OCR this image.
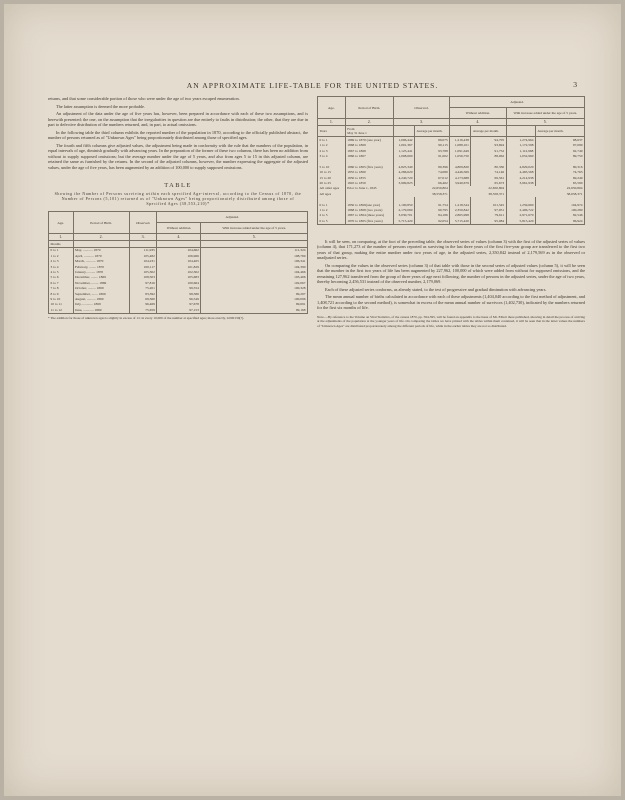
AN APPROXIMATE LIFE-TABLE FOR THE UNITED STATES.	3

returns, and that some considerable portion of those who were under the age of two years escaped enumeration.

The latter assumption is deemed the more probable.

An adjustment of the data under the age of five years has, however, been prepared in accordance with each of these two assumptions, and is herewith presented; the one, on the assumption that the irregularities in question are due entirely to faults in distribution; the other, that they are due in part to defective distribution of the numbers returned, and, in part, to actual omissions.

In the following table the third column exhibits the reported number of the population in 1870, according to the officially published abstract, the number of persons returned as of "Unknown Ages" being proportionately distributed among those of specified ages.

The fourth and fifth columns give adjusted values, the adjustment being made in conformity with the rule that the numbers of the population, in equal intervals of age, diminish gradually with advancing years. In the preparation of the former of these two columns, there has been no addition from without to supply supposed omissions; but the average number under the age of 5 years, and also from ages 5 to 15 in this adjusted column, are retained the same as furnished by the returns. In the second of the adjusted columns, however, the number expressing the aggregate of the adjusted values, under the age of five years, has been augmented by an addition of 100,000 to supply supposed omissions.

TABLE
Showing the Number of Persons surviving within each specified Age-interval, according to the Census of 1870, the Number of Persons (5,101) returned as of "Unknown Ages" being proportionately distributed among those of Specified Ages (38,553,210)*
Age.	Period of Birth.	Observed.	Adjusted.	
			Without addition.	With increase added under the age of 5 years.
1.	2.	3.	4.	5.
Months				
0 to 1	May, ........... 1870	111,935	104,662	111,324
1 to 2	April, ........... 1870	105,482	106,966	108,769
2 to 3	March, ........... 1870	104,231	104,405	106,341
3 to 4	February, ........ 1870	100,117	101,829	104,390
4 to 5	January, ......... 1870	105,302	102,302	104,466
5 to 6	December, ........ 1869	108,503	105,683	103,406
6 to 7	November, ........ 1869	97,816	100,664	102,067
7 to 8	October, ......... 1869	75,201	99,554	100,328
8 to 9	September, ....... 1869	83,392	98,586	99,297
9 to 10	August, .......... 1869	69,560	96,549	100,096
10 to 11	July, ............ 1869	96,469	97,678	99,691
11 to 12	June, ............ 1869	75,659	97,153	99,168
* The addition for those of unknown ages is slightly in excess of 1/1 in every 10,000 of the number at specified ages; more exactly, 0.000130(?).
Age.	Period of Birth.	Observed.		Adjusted.			
				Without addition.		With increase added under the age of 5 years.	
1.	2.	3.		4.		5.	
Years	From
May 31 June 1		Average per month.		Average per month.		Average per month.
0 to 1	1869 to 1870 (one year)	1,096,442	89,075	1,216,438	94,705	1,274,964	98,637
1 to 2	1868 to 1869	1,001,367	90,115	1,088,101	93,694	1,172,598	97,099
2 to 3	1867 to 1868	1,125,441	93,788	1,091,649	91,752	1,112,968	92,749
3 to 4	1866 to 1867	1,008,600	91,002	1,056,750	88,062	1,052,960	89,750

5 to 10	1860 to 1865 (five years)	4,825,340	80,396	4,809,820	80,330	4,829,020	80,316
10 to 15	1855 to 1860	4,286,620	74,080	4,446,569	74,146	4,465,568	74,763
15 to 20	1850 to 1855	4,240,720	67,012	4,173,688	69,561	4,214,938	69,249
20 to 25	1845 to 1850	3,999,823	66,462	3,940,679	65,673	3,961,938	65,590
All older ages	Prior to June 1, 1845	22,650,804		22,650,804		22,650,804	
All ages		38,558,371		38,558,371		38,658,371	

0 to 1	1850 to 1869(one year)	1,100,850	91,754	1,218,544	101,545	1,259,660	104,974
1 to 2	1868 to 1868 (two years)	2,179,069	90,795	2,350,842	97,951	2,406,722	100,280
2 to 5	1867 to 1864 (three years)	3,030,701	84,186	2,865,998	79,611	2,971,670	82,546
0 to 5	1870 to 1865 (five years)	5,715,420	92,054	5,715,420	95,084	5,815,420	96,924

It will be seen, on comparing, at the foot of the preceding table, the observed series of values (column 3) with the first of the adjusted series of values (column 4), that 171,273 of the number of persons reported as surviving in the last three years of the first five-year group are transferred to the first two years of that group, making the entire number under two years of age, in the adjusted series, 2,350,842 instead of 2,179,569 as in the observed or unadjusted series.

On comparing the values in the observed series (column 3) of that table with those in the second series of adjusted values (column 5), it will be seen that the number in the first two years of life has been augmented by 227,962, 100,000 of which were added from without for supposed omissions, and the remaining 127,962 transferred from the group of three years of age next following, the number of persons in the adjusted series, under the age of two years, thereby becoming 2,456,531 instead of the observed number, 2,179,069.

Each of these adjusted series conforms, as already stated, to the test of progressive and gradual diminution with advancing years.

The mean annual number of births calculated in accordance with each of these adjustments (1,404,040 according to the first method of adjustment, and 1,408,721 according to the second method), is somewhat in excess of the mean annual number of survivors (1,402,730), indicated by the numbers returned for the first six months of life.

Note.—By reference to the Volume on Vital Statistics, of the census 1870, pp. 594-595, will be found an appendix to the Issue of Mr. Elliott there published, showing in detail the process of arriving at the adjustments of the population at the younger years of life. On comparing the tables we have printed with the tables within them contained, it will be seen that in the latter values the numbers of "Unknown Ages" are distributed proportionately among the different periods of life, while in the earlier tables they are not so distributed.
